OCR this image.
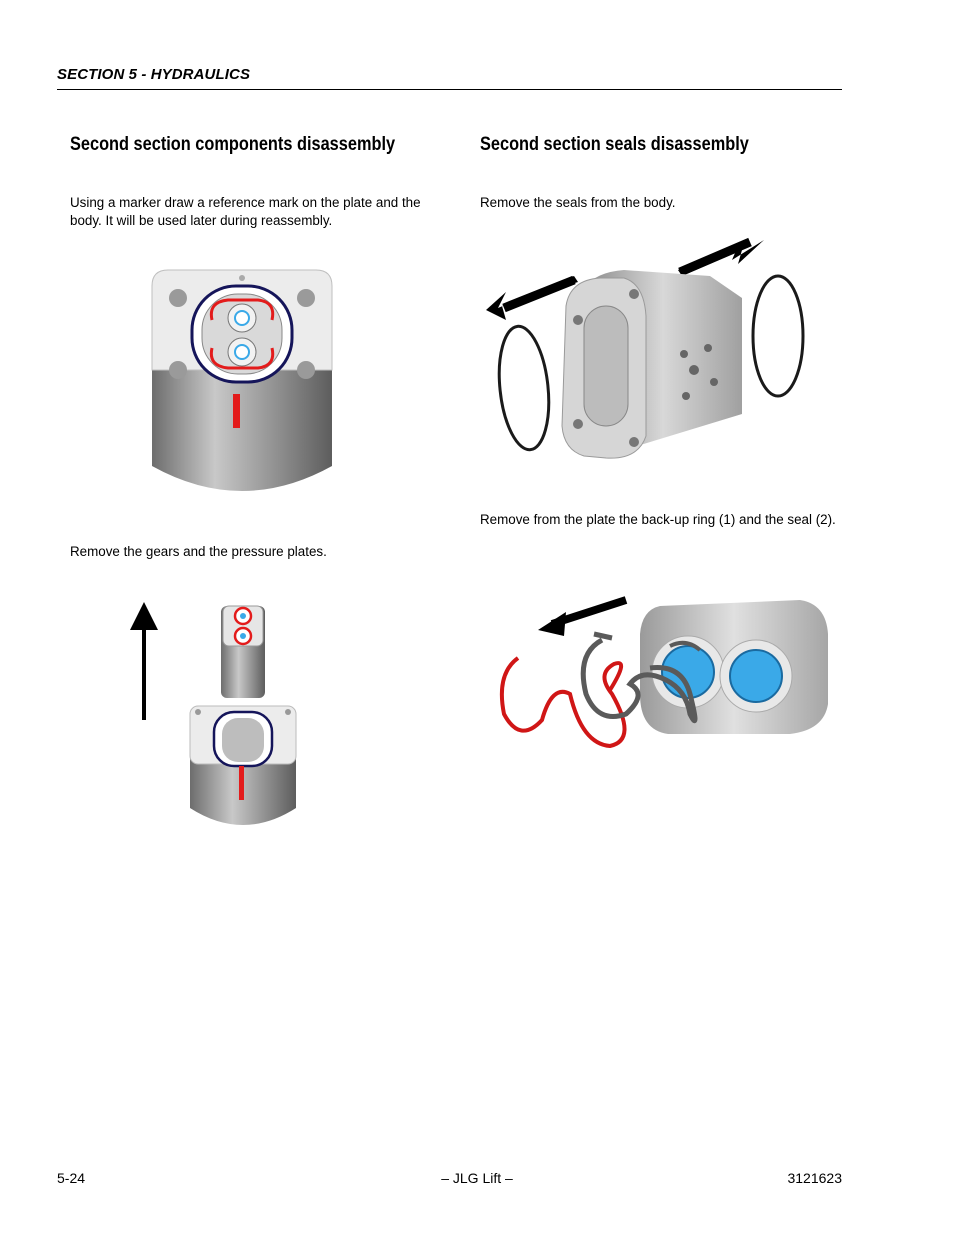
SECTION 5 - HYDRAULICS
Second section components disassembly
Using a marker draw a reference mark on the plate and the body. It will be used later during reassembly.
Remove the gears and the pressure plates.
Second section seals disassembly
Remove the seals from the body.
Remove from the plate the back-up ring (1) and the seal (2).
5-24	– JLG Lift –	3121623
